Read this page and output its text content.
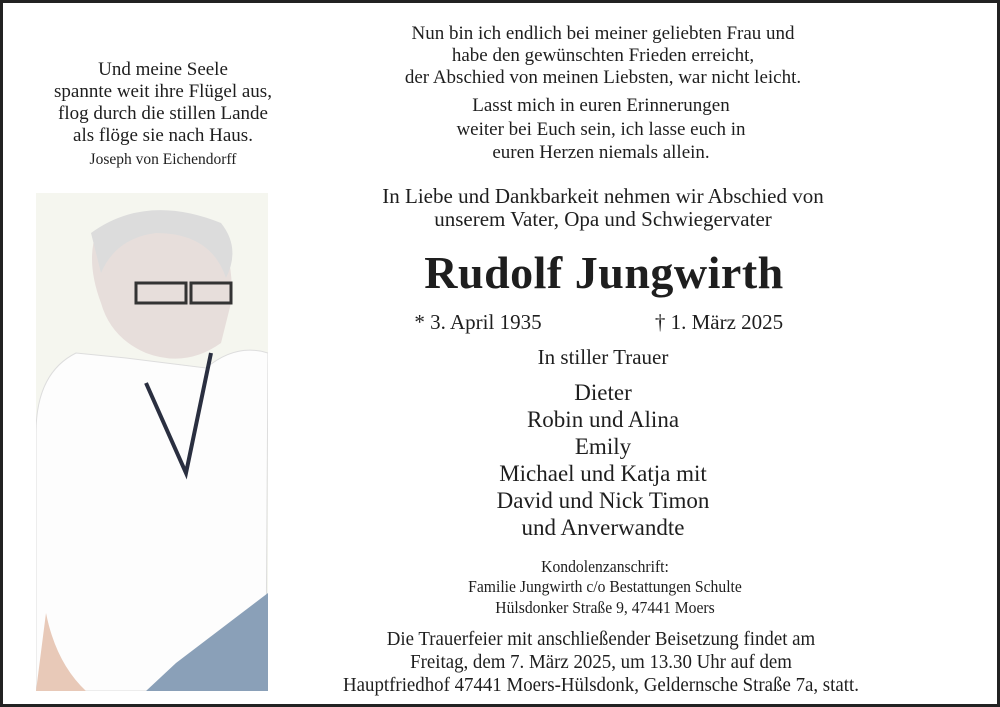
Und meine Seele
spannte weit ihre Flügel aus,
flog durch die stillen Lande
als flöge sie nach Haus.
Joseph von Eichendorff
Nun bin ich endlich bei meiner geliebten Frau und
habe den gewünschten Frieden erreicht,
der Abschied von meinen Liebsten, war nicht leicht.
Lasst mich in euren Erinnerungen
weiter bei Euch sein, ich lasse euch in
euren Herzen niemals allein.
In Liebe und Dankbarkeit nehmen wir Abschied von
unserem Vater, Opa und Schwiegervater
Rudolf Jungwirth
* 3. April 1935	† 1. März 2025
In stiller Trauer
Dieter
Robin und Alina
Emily
Michael und Katja mit
David und Nick Timon
und Anverwandte
Kondolenzanschrift:
Familie Jungwirth c/o Bestattungen Schulte
Hülsdonker Straße 9, 47441 Moers
Die Trauerfeier mit anschließender Beisetzung findet am
Freitag, dem 7. März 2025, um 13.30 Uhr auf dem
Hauptfriedhof 47441 Moers-Hülsdonk, Geldernsche Straße 7a, statt.
